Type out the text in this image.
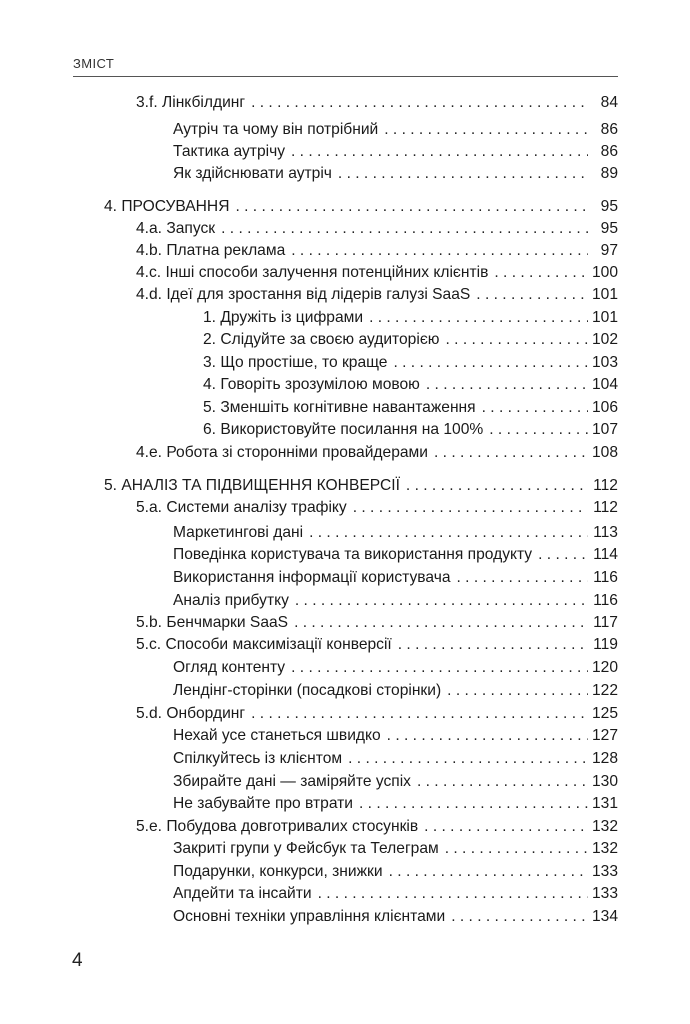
ЗМІСТ
3.f. Лінкбілдинг . . .	84
Аутріч та чому він потрібний . . .	86
Тактика аутрічу . . .	86
Як здійснювати аутріч . . .	89
4. ПРОСУВАННЯ . . .	95
4.a. Запуск . . .	95
4.b. Платна реклама . . .	97
4.c. Інші способи залучення потенційних клієнтів . . .	100
4.d. Ідеї для зростання від лідерів галузі SaaS . . .	101
1. Дружіть із цифрами . . .	101
2. Слідуйте за своєю аудиторією . . .	102
3. Що простіше, то краще . . .	103
4. Говоріть зрозумілою мовою . . .	104
5. Зменшіть когнітивне навантаження . . .	106
6. Використовуйте посилання на 100% . . .	107
4.e. Робота зі сторонніми провайдерами . . .	108
5. АНАЛІЗ ТА ПІДВИЩЕННЯ КОНВЕРСІЇ . . .	112
5.a. Системи аналізу трафіку . . .	112
Маркетингові дані . . .	113
Поведінка користувача та використання продукту . . .	114
Використання інформації користувача . . .	116
Аналіз прибутку . . .	116
5.b. Бенчмарки SaaS . . .	117
5.c. Способи максимізації конверсії . . .	119
Огляд контенту . . .	120
Лендінг-сторінки (посадкові сторінки) . . .	122
5.d. Онбординг . . .	125
Нехай усе станеться швидко . . .	127
Спілкуйтесь із клієнтом . . .	128
Збирайте дані — заміряйте успіх . . .	130
Не забувайте про втрати . . .	131
5.e. Побудова довготривалих стосунків . . .	132
Закриті групи у Фейсбук та Телеграм . . .	132
Подарунки, конкурси, знижки . . .	133
Апдейти та інсайти . . .	133
Основні техніки управління клієнтами . . .	134
4
